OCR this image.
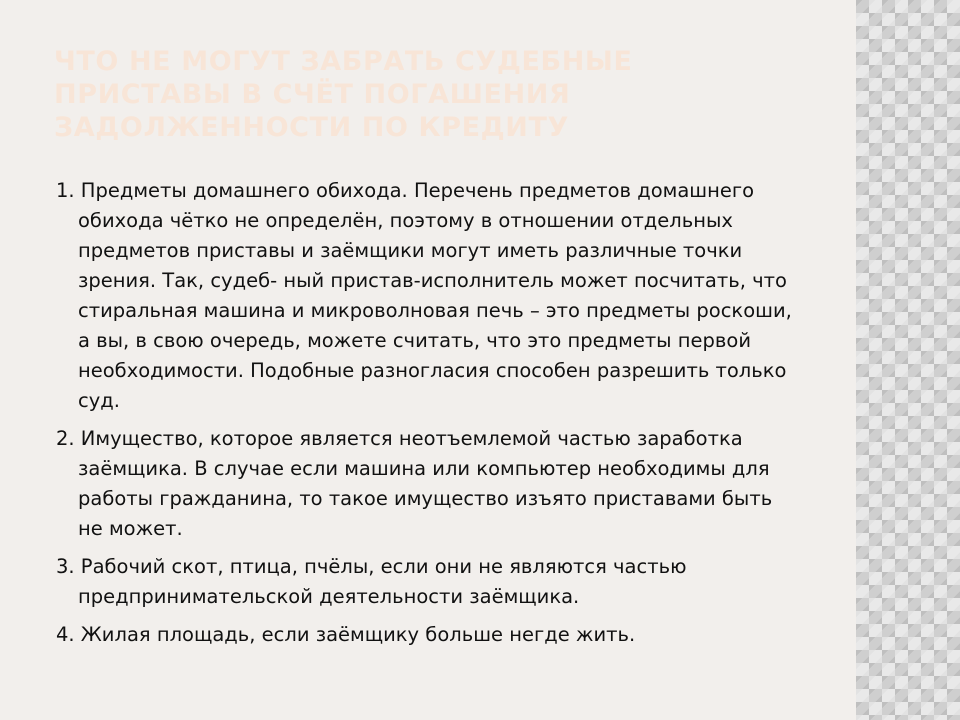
ЧТО НЕ МОГУТ ЗАБРАТЬ СУДЕБНЫЕ ПРИСТАВЫ В СЧЁТ ПОГАШЕНИЯ ЗАДОЛЖЕННОСТИ ПО КРЕДИТУ

1. Предметы домашнего обихода. Перечень предметов домашнего обихода чётко не определён, поэтому в отношении отдельных предметов приставы и заёмщики могут иметь различные точки зрения. Так, судеб- ный пристав-исполнитель может посчитать, что стиральная машина и микроволновая печь – это предметы роскоши, а вы, в свою очередь, можете считать, что это предметы первой необходимости. Подобные разногласия способен разрешить только суд.

2. Имущество, которое является неотъемлемой частью заработка заёмщика. В случае если машина или компьютер необходимы для работы гражданина, то такое имущество изъято приставами быть не может.

3. Рабочий скот, птица, пчёлы, если они не являются частью предпринимательской деятельности заёмщика.

4. Жилая площадь, если заёмщику больше негде жить.
